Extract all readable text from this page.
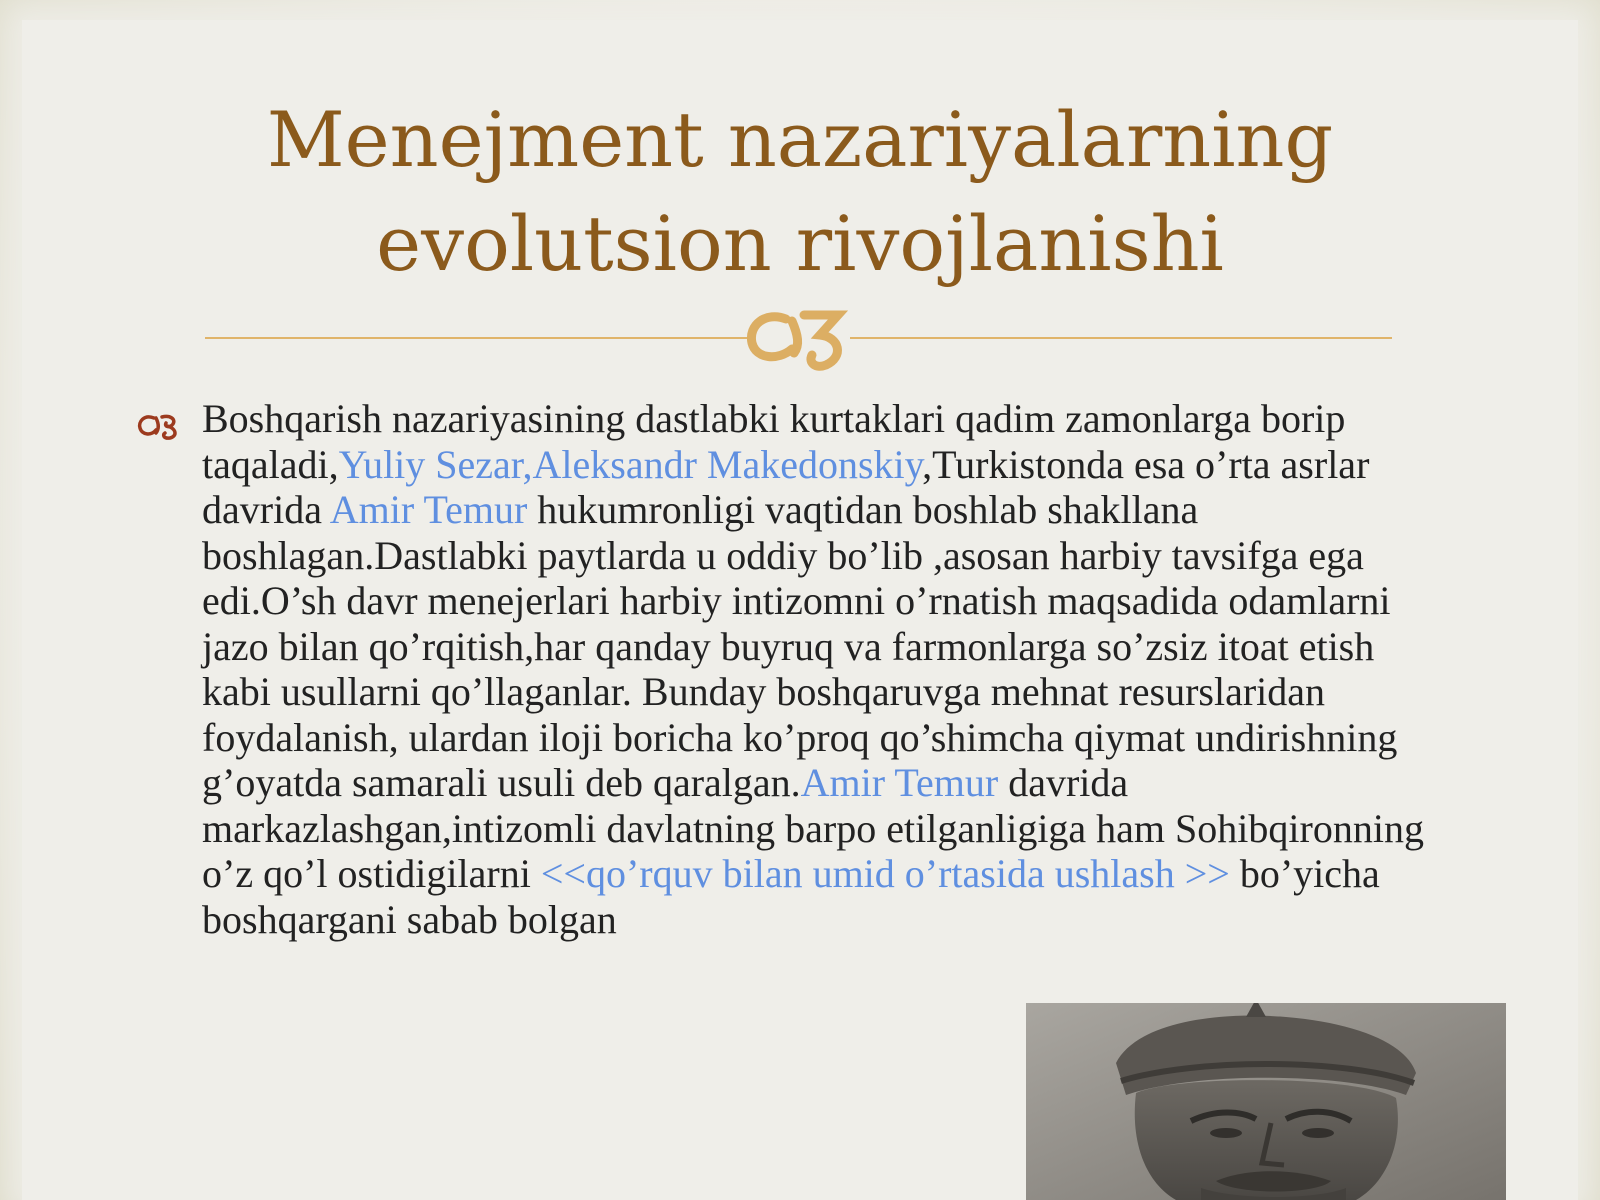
Menejment nazariyalarning
evolutsion rivojlanishi

Boshqarish nazariyasining dastlabki kurtaklari qadim zamonlarga borip taqaladi,Yuliy Sezar,Aleksandr Makedonskiy,Turkistonda esa o’rta asrlar davrida Amir Temur hukumronligi vaqtidan boshlab shakllana boshlagan.Dastlabki paytlarda u oddiy bo’lib ,asosan harbiy tavsifga ega edi.O’sh davr menejerlari harbiy intizomni o’rnatish maqsadida odamlarni jazo bilan qo’rqitish,har qanday buyruq va farmonlarga so’zsiz itoat etish kabi usullarni qo’llaganlar. Bunday boshqaruvga mehnat resurslaridan foydalanish, ulardan iloji boricha ko’proq qo’shimcha qiymat undirishning g’oyatda samarali usuli deb qaralgan.Amir Temur davrida markazlashgan,intizomli davlatning barpo etilganligiga ham Sohibqironning o’z qo’l ostidigilarni <<qo’rquv bilan umid o’rtasida ushlash >> bo’yicha boshqargani sabab bolgan
